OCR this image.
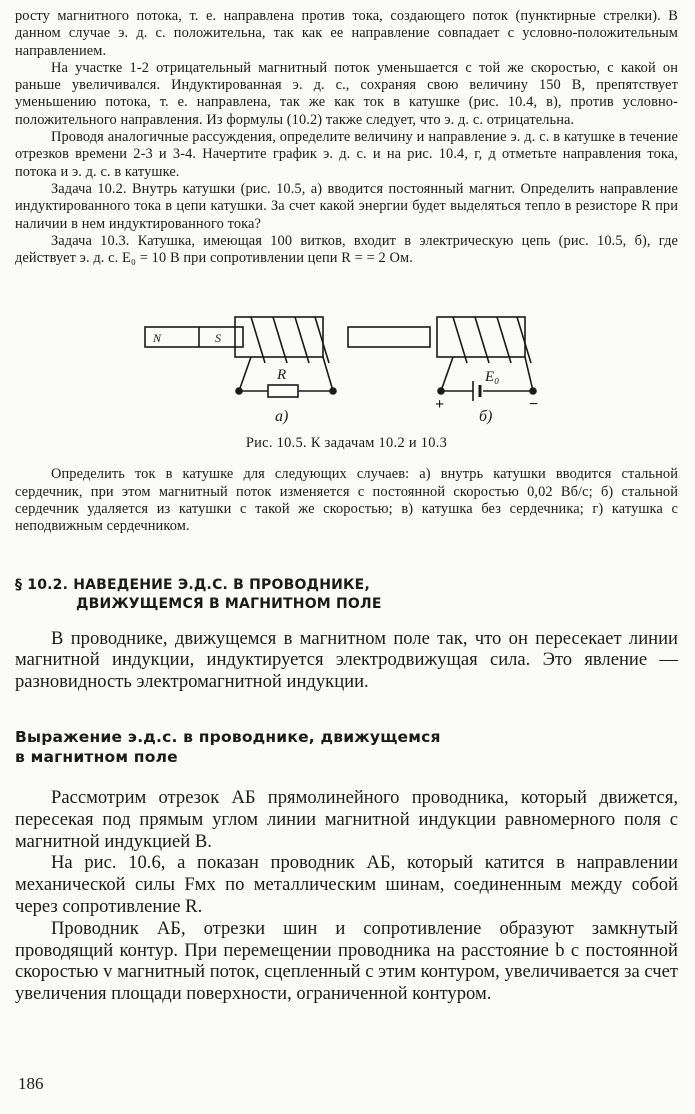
росту магнитного потока, т. е. направлена против тока, создающего поток (пунктирные стрелки). В данном случае э. д. с. положительна, так как ее направление совпадает с условно-положительным направлением.

На участке 1-2 отрицательный магнитный поток уменьшается с той же скоростью, с какой он раньше увеличивался. Индуктированная э. д. с., сохраняя свою величину 150 В, препятствует уменьшению потока, т. е. направлена, так же как ток в катушке (рис. 10.4, в), против условно-положительного направления. Из формулы (10.2) также следует, что э. д. с. отрицательна.

Проводя аналогичные рассуждения, определите величину и направление э. д. с. в катушке в течение отрезков времени 2-3 и 3-4. Начертите график э. д. с. и на рис. 10.4, г, д отметьте направления тока, потока и э. д. с. в катушке.

Задача 10.2. Внутрь катушки (рис. 10.5, а) вводится постоянный магнит. Определить направление индуктированного тока в цепи катушки. За счет какой энергии будет выделяться тепло в резисторе R при наличии в нем индуктированного тока?

Задача 10.3. Катушка, имеющая 100 витков, входит в электрическую цепь (рис. 10.5, б), где действует э. д. с. E₀ = 10 В при сопротивлении цепи R = = 2 Ом.

N	S
R	E₀
+	−
а)	б)
Рис. 10.5. К задачам 10.2 и 10.3

Определить ток в катушке для следующих случаев: а) внутрь катушки вводится стальной сердечник, при этом магнитный поток изменяется с постоянной скоростью 0,02 Вб/с; б) стальной сердечник удаляется из катушки с такой же скоростью; в) катушка без сердечника; г) катушка с неподвижным сердечником.

§ 10.2. НАВЕДЕНИЕ Э.Д.С. В ПРОВОДНИКЕ,
ДВИЖУЩЕМСЯ В МАГНИТНОМ ПОЛЕ

В проводнике, движущемся в магнитном поле так, что он пересекает линии магнитной индукции, индуктируется электродвижущая сила. Это явление — разновидность электромагнитной индукции.

Выражение э.д.с. в проводнике, движущемся
в магнитном поле

Рассмотрим отрезок АБ прямолинейного проводника, который движется, пересекая под прямым углом линии магнитной индукции равномерного поля с магнитной индукцией B.

На рис. 10.6, а показан проводник АБ, который катится в направлении механической силы Fмх по металлическим шинам, соединенным между собой через сопротивление R.

Проводник АБ, отрезки шин и сопротивление образуют замкнутый проводящий контур. При перемещении проводника на расстояние b с постоянной скоростью v магнитный поток, сцепленный с этим контуром, увеличивается за счет увеличения площади поверхности, ограниченной контуром.

186
